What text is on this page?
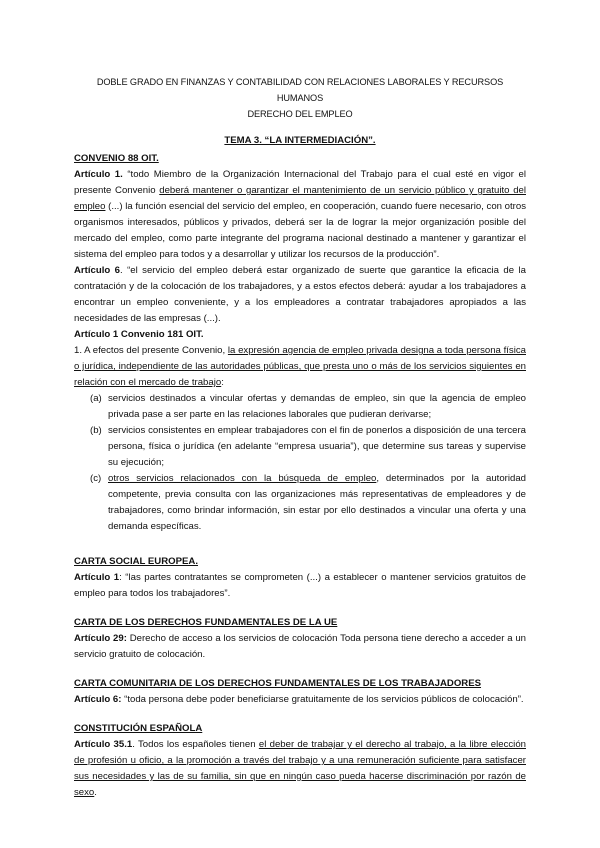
DOBLE GRADO EN FINANZAS Y CONTABILIDAD CON RELACIONES LABORALES Y RECURSOS HUMANOS
DERECHO DEL EMPLEO
TEMA 3. “LA INTERMEDIACIÓN”.

CONVENIO 88 OIT.

Artículo 1. “todo Miembro de la Organización Internacional del Trabajo para el cual esté en vigor el presente Convenio deberá mantener o garantizar el mantenimiento de un servicio público y gratuito del empleo (...) la función esencial del servicio del empleo, en cooperación, cuando fuere necesario, con otros organismos interesados, públicos y privados, deberá ser la de lograr la mejor organización posible del mercado del empleo, como parte integrante del programa nacional destinado a mantener y garantizar el sistema del empleo para todos y a desarrollar y utilizar los recursos de la producción”.

Artículo 6. “el servicio del empleo deberá estar organizado de suerte que garantice la eficacia de la contratación y de la colocación de los trabajadores, y a estos efectos deberá: ayudar a los trabajadores a encontrar un empleo conveniente, y a los empleadores a contratar trabajadores apropiados a las necesidades de las empresas (...).

Artículo 1 Convenio 181 OIT.

1. A efectos del presente Convenio, la expresión agencia de empleo privada designa a toda persona física o jurídica, independiente de las autoridades públicas, que presta uno o más de los servicios siguientes en relación con el mercado de trabajo:

(a) servicios destinados a vincular ofertas y demandas de empleo, sin que la agencia de empleo privada pase a ser parte en las relaciones laborales que pudieran derivarse;
(b) servicios consistentes en emplear trabajadores con el fin de ponerlos a disposición de una tercera persona, física o jurídica (en adelante “empresa usuaria”), que determine sus tareas y supervise su ejecución;
(c) otros servicios relacionados con la búsqueda de empleo, determinados por la autoridad competente, previa consulta con las organizaciones más representativas de empleadores y de trabajadores, como brindar información, sin estar por ello destinados a vincular una oferta y una demanda específicas.

CARTA SOCIAL EUROPEA.

Artículo 1: “las partes contratantes se comprometen (...) a establecer o mantener servicios gratuitos de empleo para todos los trabajadores”.

CARTA DE LOS DERECHOS FUNDAMENTALES DE LA UE

Artículo 29: Derecho de acceso a los servicios de colocación Toda persona tiene derecho a acceder a un servicio gratuito de colocación.

CARTA COMUNITARIA DE LOS DERECHOS FUNDAMENTALES DE LOS TRABAJADORES

Artículo 6: “toda persona debe poder beneficiarse gratuitamente de los servicios públicos de colocación”.

CONSTITUCIÓN ESPAÑOLA

Artículo 35.1. Todos los españoles tienen el deber de trabajar y el derecho al trabajo, a la libre elección de profesión u oficio, a la promoción a través del trabajo y a una remuneración suficiente para satisfacer sus necesidades y las de su familia, sin que en ningún caso pueda hacerse discriminación por razón de sexo.
